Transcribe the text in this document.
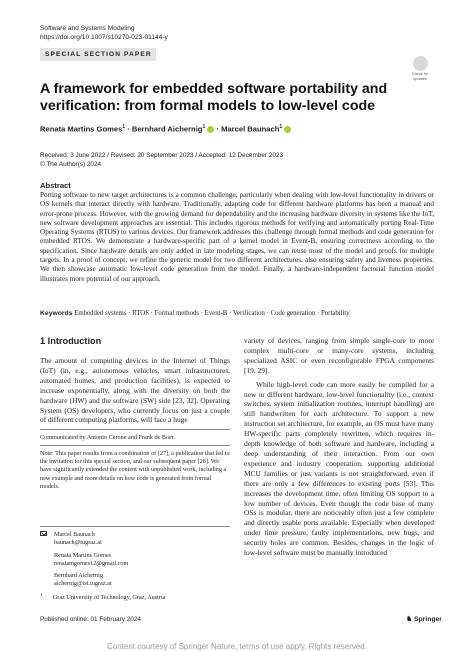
Software and Systems Modeling
https://doi.org/10.1007/s10270-023-01144-y
SPECIAL SECTION PAPER
Check for updates
A framework for embedded software portability and verification: from formal models to low-level code
Renata Martins Gomes$^1$ · Bernhard Aichernig$^1$  · Marcel Baunach$^1$
Received: 3 June 2022 / Revised: 20 September 2023 / Accepted: 12 December 2023
© The Author(s) 2024
Abstract
Porting software to new target architectures is a common challenge, particularly when dealing with low-level functionality in drivers or OS kernels that interact directly with hardware. Traditionally, adapting code for different hardware platforms has been a manual and error-prone process. However, with the growing demand for dependability and the increasing hardware diversity in systems like the IoT, new software development approaches are essential. This includes rigorous methods for verifying and automatically porting Real-Time Operating Systems (RTOS) to various devices. Our framework addresses this challenge through formal methods and code generation for embedded RTOS. We demonstrate a hardware-specific part of a kernel model in Event-B, ensuring correctness according to the specification. Since hardware details are only added in late modeling stages, we can reuse most of the model and proofs for multiple targets. In a proof of concept, we refine the generic model for two different architectures, also ensuring safety and liveness properties. We then showcase automatic low-level code generation from the model. Finally, a hardware-independent factorial function model illustrates more potential of our approach.
Keywords Embedded systems · RTOS · Formal methods · Event-B · Verification · Code generation · Portability
1 Introduction
The amount of computing devices in the Internet of Things (IoT) (in, e.g., autonomous vehicles, smart infrastructures, automated homes, and production facilities), is expected to increase exponentially, along with the diversity on both the hardware (HW) and the software (SW) side [23, 32]. Operating System (OS) developers, who currently focus on just a couple of different computing platforms, will face a huge
Communicated by Antonio Cerone and Frank de Boer.
Note: This paper results from a combination of [27], a publication that led to the invitation for this special section, and our subsequent paper [28]. We have significantly extended the content with unpublished work, including a new example and more details on how code is generated from formal models.
Marcel Baunach
baunach@tugraz.at
Renata Martins Gomes
renatamgomes12@gmail.com
Bernhard Aichernig
aichernig@ist.tugraz.at
$^1$ Graz University of Technology, Graz, Austria

variety of devices, ranging from simple single-core to more complex multi-core or many-core systems, including specialized ASIC or even reconfigurable FPGA components [19, 29].

While high-level code can more easily be compiled for a new or different hardware, low-level functionality (i.e., context switches, system initialization routines, interrupt handling) are still handwritten for each architecture. To support a new instruction set architecture, for example, an OS must have many HW-specific parts completely rewritten, which requires in-depth knowledge of both software and hardware, including a deep understanding of their interaction. From our own experience and industry cooperation, supporting additional MCU families or just variants is not straightforward, even if there are only a few differences to existing ports [53]. This increases the development time, often limiting OS support to a low number of devices. Even though the code base of many OSs is modular, there are noticeably often just a few complete and directly usable ports available. Especially when developed under time pressure, faulty implementations, new bugs, and security holes are common. Besides, changes in the logic of low-level software must be manually introduced

Published online: 01 February 2024	♞ Springer
Content courtesy of Springer Nature, terms of use apply. Rights reserved.
